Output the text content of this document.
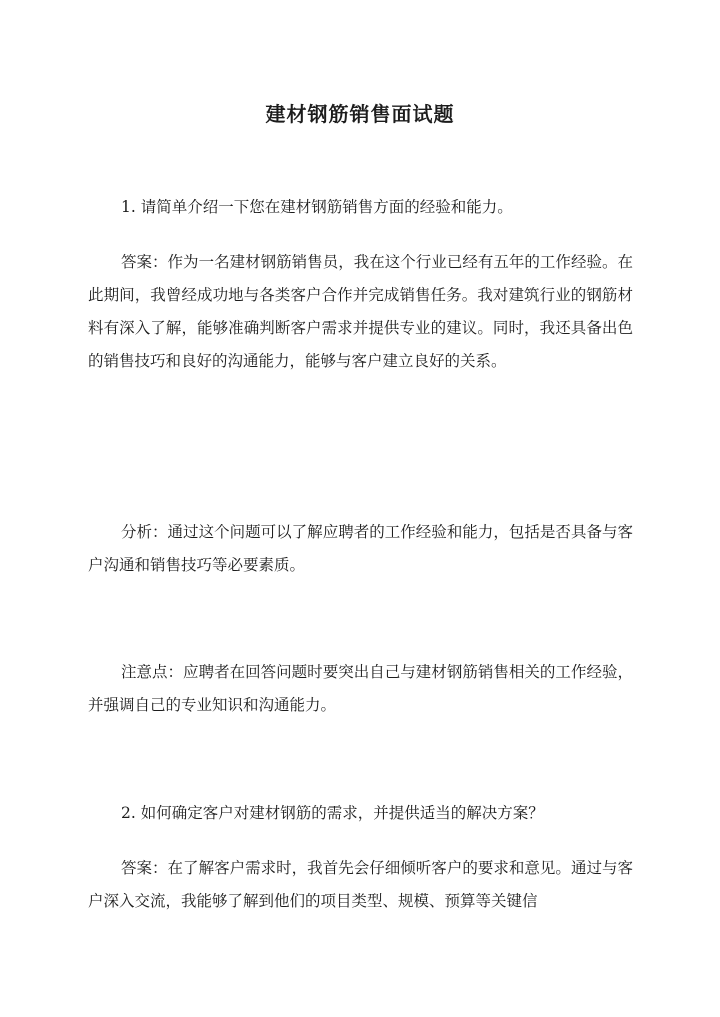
建材钢筋销售面试题

1. 请简单介绍一下您在建材钢筋销售方面的经验和能力。

答案：作为一名建材钢筋销售员，我在这个行业已经有五年的工作经验。在此期间，我曾经成功地与各类客户合作并完成销售任务。我对建筑行业的钢筋材料有深入了解，能够准确判断客户需求并提供专业的建议。同时，我还具备出色的销售技巧和良好的沟通能力，能够与客户建立良好的关系。

分析：通过这个问题可以了解应聘者的工作经验和能力，包括是否具备与客户沟通和销售技巧等必要素质。

注意点：应聘者在回答问题时要突出自己与建材钢筋销售相关的工作经验，并强调自己的专业知识和沟通能力。

2. 如何确定客户对建材钢筋的需求，并提供适当的解决方案？

答案：在了解客户需求时，我首先会仔细倾听客户的要求和意见。通过与客户深入交流，我能够了解到他们的项目类型、规模、预算等关键信
